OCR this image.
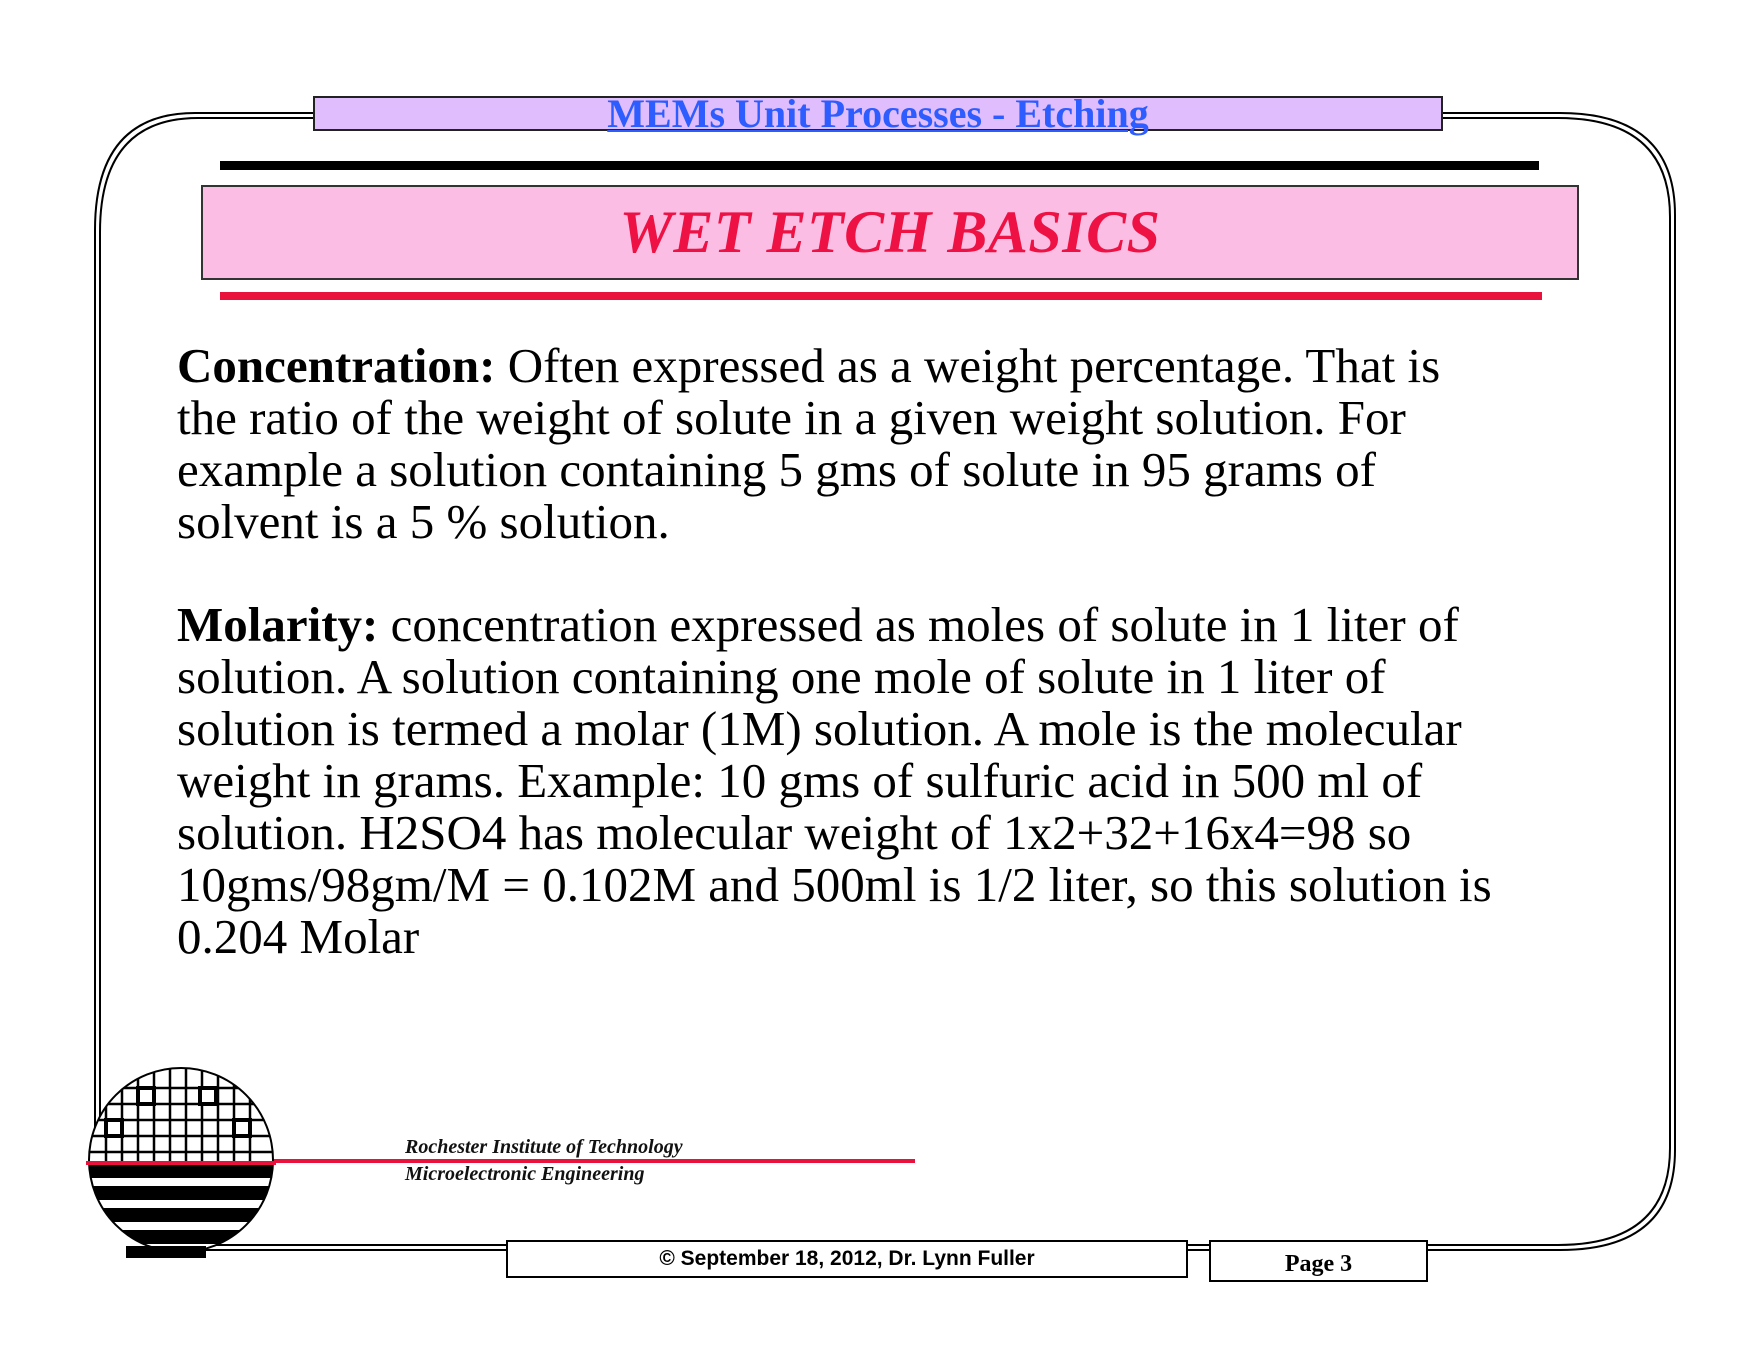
MEMs Unit Processes - Etching
WET ETCH BASICS

Concentration: Often expressed as a weight percentage. That is
the ratio of the weight of solute in a given weight solution. For
example a solution containing 5 gms of solute in 95 grams of
solvent is a 5 % solution.

Molarity: concentration expressed as moles of solute in 1 liter of
solution. A solution containing one mole of solute in 1 liter of
solution is termed a molar (1M) solution. A mole is the molecular
weight in grams. Example: 10 gms of sulfuric acid in 500 ml of
solution. H2SO4 has molecular weight of 1x2+32+16x4=98 so
10gms/98gm/M = 0.102M and 500ml is 1/2 liter, so this solution is
0.204 Molar

Rochester Institute of Technology
Microelectronic Engineering
© September 18, 2012, Dr. Lynn Fuller	Page 3
